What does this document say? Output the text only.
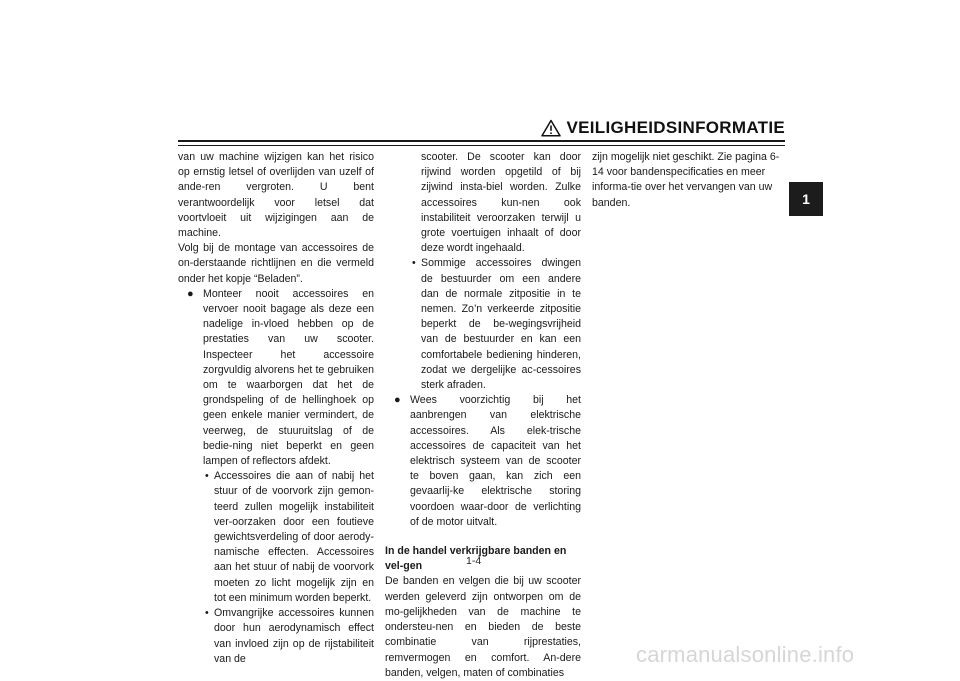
VEILIGHEIDSINFORMATIE
1

van uw machine wijzigen kan het risico op ernstig letsel of overlijden van uzelf of ande-ren vergroten. U bent verantwoordelijk voor letsel dat voortvloeit uit wijzigingen aan de machine.

Volg bij de montage van accessoires de on-derstaande richtlijnen en die vermeld onder het kopje “Beladen”.

● Monteer nooit accessoires en vervoer nooit bagage als deze een nadelige in-vloed hebben op de prestaties van uw scooter. Inspecteer het accessoire zorgvuldig alvorens het te gebruiken om te waarborgen dat het de grondspeling of de hellinghoek op geen enkele manier vermindert, de veerweg, de stuuruitslag of de bedie-ning niet beperkt en geen lampen of reflectors afdekt.

• Accessoires die aan of nabij het stuur of de voorvork zijn gemon-teerd zullen mogelijk instabiliteit ver-oorzaken door een foutieve gewichtsverdeling of door aerody-namische effecten. Accessoires aan het stuur of nabij de voorvork moeten zo licht mogelijk zijn en tot een minimum worden beperkt.

• Omvangrijke accessoires kunnen door hun aerodynamisch effect van invloed zijn op de rijstabiliteit van de

scooter. De scooter kan door rijwind worden opgetild of bij zijwind insta-biel worden. Zulke accessoires kun-nen ook instabiliteit veroorzaken terwijl u grote voertuigen inhaalt of door deze wordt ingehaald.

• Sommige accessoires dwingen de bestuurder om een andere dan de normale zitpositie in te nemen. Zo’n verkeerde zitpositie beperkt de be-wegingsvrijheid van de bestuurder en kan een comfortabele bediening hinderen, zodat we dergelijke ac-cessoires sterk afraden.

● Wees voorzichtig bij het aanbrengen van elektrische accessoires. Als elek-trische accessoires de capaciteit van het elektrisch systeem van de scooter te boven gaan, kan zich een gevaarlij-ke elektrische storing voordoen waar-door de verlichting of de motor uitvalt.

In de handel verkrijgbare banden en vel-gen

De banden en velgen die bij uw scooter werden geleverd zijn ontworpen om de mo-gelijkheden van de machine te ondersteu-nen en bieden de beste combinatie van rijprestaties, remvermogen en comfort. An-dere banden, velgen, maten of combinaties

zijn mogelijk niet geschikt. Zie pagina 6-14 voor bandenspecificaties en meer informa-tie over het vervangen van uw banden.

1-4
carmanualsonline.info
